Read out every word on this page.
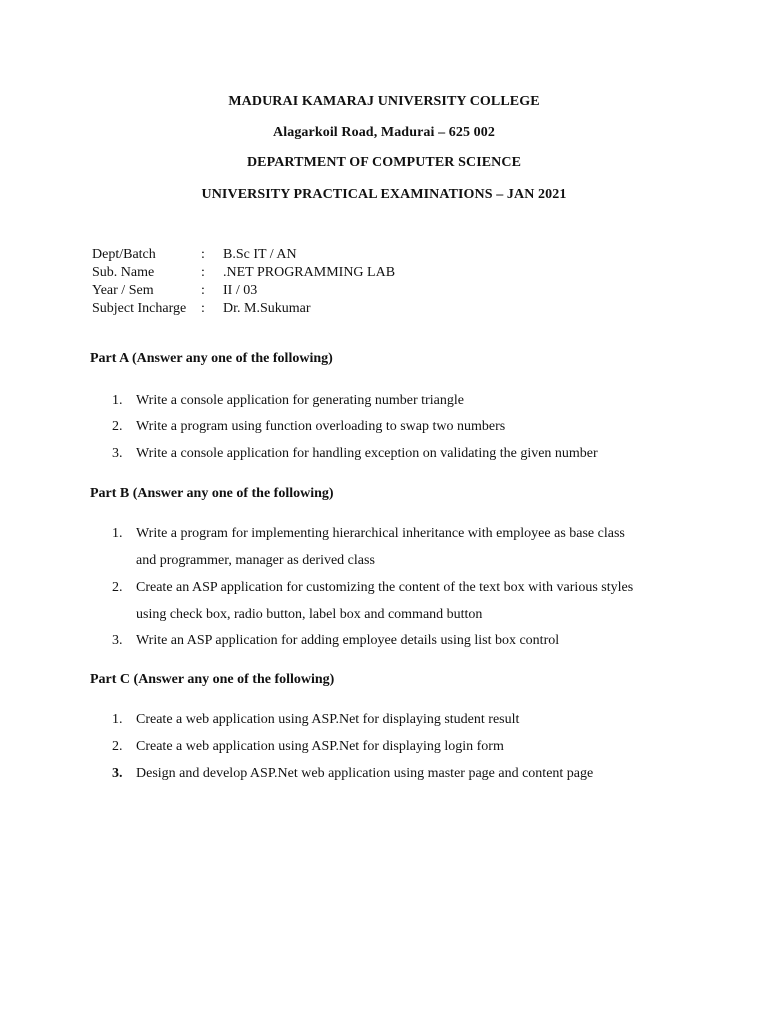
MADURAI KAMARAJ UNIVERSITY COLLEGE
Alagarkoil Road, Madurai – 625 002
DEPARTMENT OF COMPUTER SCIENCE
UNIVERSITY PRACTICAL EXAMINATIONS – JAN 2021
Dept/Batch	: B.Sc IT / AN
Sub. Name	: .NET PROGRAMMING LAB
Year / Sem	: II / 03
Subject Incharge	: Dr. M.Sukumar
Part A (Answer any one of the following)
1. Write a console application for generating number triangle
2. Write a program using function overloading to swap two numbers
3. Write a console application for handling exception on validating the given number
Part B (Answer any one of the following)
1. Write a program for implementing hierarchical inheritance with employee as base class
and programmer, manager as derived class
2. Create an ASP application for customizing the content of the text box with various styles
using check box, radio button, label box and command button
3. Write an ASP application for adding employee details using list box control
Part C (Answer any one of the following)
1. Create a web application using ASP.Net for displaying student result
2. Create a web application using ASP.Net for displaying login form
3. Design and develop ASP.Net web application using master page and content page
